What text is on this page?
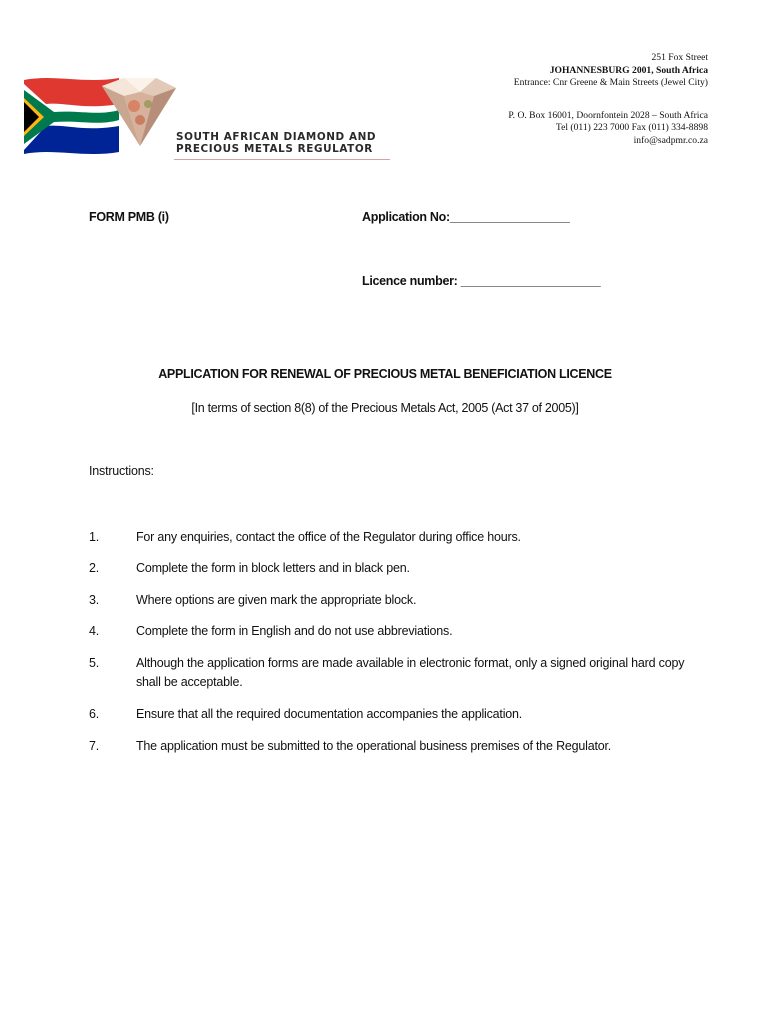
SOUTH AFRICAN DIAMOND AND
PRECIOUS METALS REGULATOR
251 Fox Street
JOHANNESBURG 2001, South Africa
Entrance: Cnr Greene & Main Streets (Jewel City)
P. O. Box 16001, Doornfontein 2028 – South Africa
Tel (011) 223 7000 Fax (011) 334-8898
info@sadpmr.co.za
FORM PMB (i)	Application No:__________________
Licence number: _____________________
APPLICATION FOR RENEWAL OF PRECIOUS METAL BENEFICIATION LICENCE
[In terms of section 8(8) of the Precious Metals Act, 2005 (Act 37 of 2005)]
Instructions:
1.	For any enquiries, contact the office of the Regulator during office hours.
2.	Complete the form in block letters and in black pen.
3.	Where options are given mark the appropriate block.
4.	Complete the form in English and do not use abbreviations.
5.	Although the application forms are made available in electronic format, only a signed original hard copy shall be acceptable.
6.	Ensure that all the required documentation accompanies the application.
7.	The application must be submitted to the operational business premises of the Regulator.
